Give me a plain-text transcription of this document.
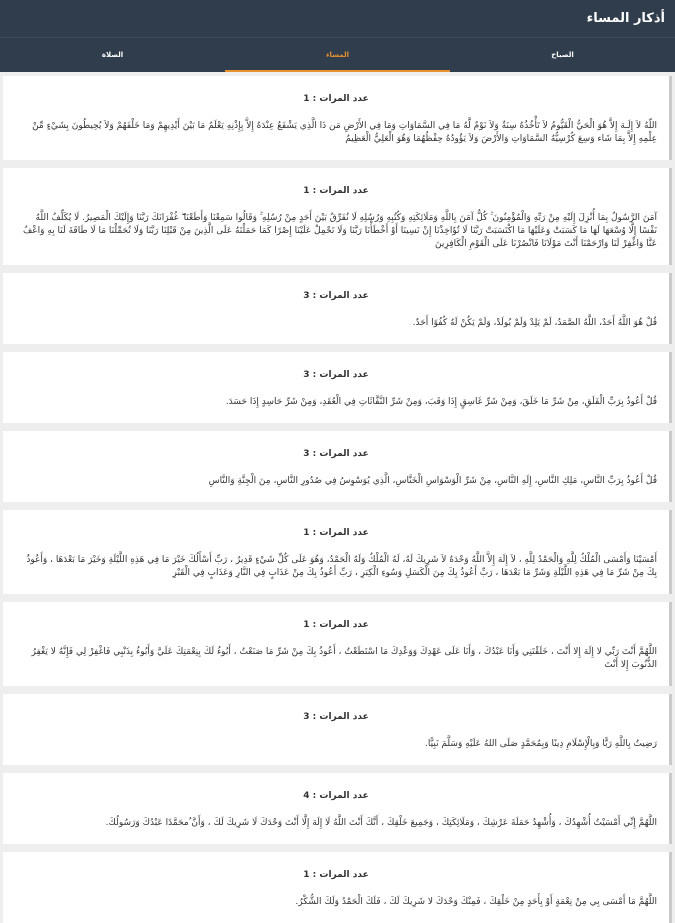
أذكار المساء
الصباح
المساء
الصلاة
عدد المرات : 1
اللّهُ لاَ إِلَـهَ إِلاَّ هُوَ الْحَيُّ الْقَيُّومُ لاَ تَأْخُذُهُ سِنَةٌ وَلاَ نَوْمٌ لَّهُ مَا فِي السَّمَاوَاتِ وَمَا فِي الأَرْضِ مَن ذَا الَّذِي يَشْفَعُ عِنْدَهُ إِلاَّ بِإِذْنِهِ يَعْلَمُ مَا بَيْنَ أَيْدِيهِمْ وَمَا خَلْفَهُمْ وَلاَ يُحِيطُونَ بِشَيْءٍ مِّنْ عِلْمِهِ إِلاَّ بِمَا شَاء وَسِعَ كُرْسِيُّهُ السَّمَاوَاتِ وَالأَرْضَ وَلاَ يَؤُودُهُ حِفْظُهُمَا وَهُوَ الْعَلِيُّ الْعَظِيمُ
عدد المرات : 1
آمَنَ الرَّسُولُ بِمَا أُنْزِلَ إِلَيْهِ مِنْ رَبِّهِ وَالْمُؤْمِنُونَ ۚ كُلٌّ آمَنَ بِاللَّهِ وَمَلَائِكَتِهِ وَكُتُبِهِ وَرُسُلِهِ لَا نُفَرِّقُ بَيْنَ أَحَدٍ مِنْ رُسُلِهِ ۚ وَقَالُوا سَمِعْنَا وَأَطَعْنَا ۖ غُفْرَانَكَ رَبَّنَا وَإِلَيْكَ الْمَصِيرُ. لَا يُكَلِّفُ اللَّهُ نَفْسًا إِلَّا وُسْعَهَا لَهَا مَا كَسَبَتْ وَعَلَيْهَا مَا اكْتَسَبَتْ رَبَّنَا لَا تُؤَاخِذْنَا إِنْ نَسِينَا أَوْ أَخْطَأْنَا رَبَّنَا وَلَا تَحْمِلْ عَلَيْنَا إِصْرًا كَمَا حَمَلْتَهُ عَلَى الَّذِينَ مِنْ قَبْلِنَا رَبَّنَا وَلَا تُحَمِّلْنَا مَا لَا طَاقَةَ لَنَا بِهِ وَاعْفُ عَنَّا وَاغْفِرْ لَنَا وَارْحَمْنَا أَنْتَ مَوْلَانَا فَانْصُرْنَا عَلَى الْقَوْمِ الْكَافِرِينَ
عدد المرات : 3
قُلْ هُوَ اللَّهُ أَحَدٌ، اللَّهُ الصَّمَدُ، لَمْ يَلِدْ وَلَمْ يُولَدْ، وَلَمْ يَكُنْ لَهُ كُفُوًا أَحَدٌ.
عدد المرات : 3
قُلْ أَعُوذُ بِرَبِّ الْفَلَقِ، مِنْ شَرِّ مَا خَلَقَ، وَمِنْ شَرِّ غَاسِقٍ إِذَا وَقَبَ، وَمِنْ شَرِّ النَّفَّاثَاتِ فِي الْعُقَدِ، وَمِنْ شَرِّ حَاسِدٍ إِذَا حَسَدَ.
عدد المرات : 3
قُلْ أَعُوذُ بِرَبِّ النَّاسِ، مَلِكِ النَّاسِ، إِلَهِ النَّاسِ، مِنْ شَرِّ الْوَسْوَاسِ الْخَنَّاسِ، الَّذِي يُوَسْوِسُ فِي صُدُورِ النَّاسِ، مِنَ الْجِنَّةِ وَالنَّاسِ
عدد المرات : 1
أَمْسَيْنَا وَأَمْسَى الْمُلْكُ لِلَّهِ وَالْحَمْدُ لِلَّهِ ، لاَ إِلَهَ إِلاَّ اللَّهُ وَحْدَهُ لاَ شَرِيكَ لَهُ، لَهُ الْمُلْكُ وَلَهُ الْحَمْدُ، وَهُوَ عَلَى كُلِّ شَيْءٍ قَدِيرٌ ، رَبِّ أَسْأَلُكَ خَيْرَ مَا فِي هَذِهِ اللَّيْلَةِ وَخَيْرَ مَا بَعْدَهَا ، وَأَعُوذُ بِكَ مِنْ شَرِّ مَا فِي هَذِهِ اللَّيْلَةِ وَشَرِّ مَا بَعْدَهَا ، رَبِّ أَعُوذُ بِكَ مِنَ الْكَسَلِ وَسُوءِ الْكِبَرِ ، رَبِّ أَعُوذُ بِكَ مِنْ عَذَابٍ فِي النَّارِ وَعَذَابٍ فِي الْقَبْرِ
عدد المرات : 1
اللَّهُمَّ أَنْتَ رَبِّي لا إِلَهَ إِلا أَنْتَ ، خَلَقْتَنِي وَأَنَا عَبْدُكَ ، وَأَنَا عَلَى عَهْدِكَ وَوَعْدِكَ مَا اسْتَطَعْتُ ، أَعُوذُ بِكَ مِنْ شَرِّ مَا صَنَعْتُ ، أَبُوءُ لَكَ بِنِعْمَتِكَ عَلَيَّ وَأَبُوءُ بِذَنْبِي فَاغْفِرْ لِي فَإِنَّهُ لا يَغْفِرُ الذُّنُوبَ إِلا أَنْتَ
عدد المرات : 3
رَضِيتُ بِاللَّهِ رَبًّا وَبِالْإِسْلَامِ دِينًا وَبِمُحَمَّدٍ صَلَى اللهُ عَلَيْهِ وَسَلَّمَ نَبِيًّا.
عدد المرات : 4
اللَّهُمَّ إِنِّي أَمْسَيْتُ أُشْهِدُكَ ، وَأُشْهِدُ حَمَلَةَ عَرْشِكَ ، وَمَلَائِكَتِكَ ، وَجَمِيعَ خَلْقِكَ ، أَنَّكَ أَنْتَ اللَّهُ لَا إِلَهَ إِلَّا أَنْتَ وَحْدَكَ لَا شَرِيكَ لَكَ ، وَأَنَّ ُمحَمَّدًا عَبْدُكَ وَرَسُولُكَ.
عدد المرات : 1
اللَّهُمَّ مَا أَمْسَى بِي مِنْ نِعْمَةٍ أَوْ بِأَحَدٍ مِنْ خَلْقِكَ ، فَمِنْكَ وَحْدَكَ لا شَرِيكَ لَكَ ، فَلَكَ الْحَمْدُ وَلَكَ الشُّكْرُ.
